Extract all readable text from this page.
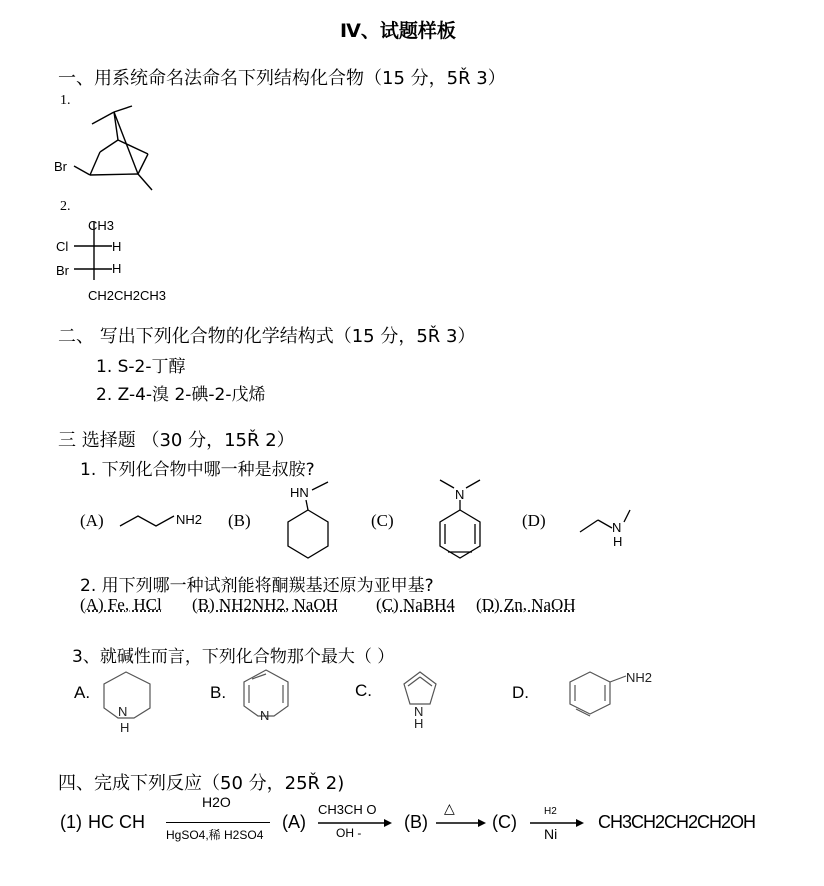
Ⅳ、试题样板
一、用系统命名法命名下列结构化合物（15 分，5Ř 3）
1.
Br
2.
CH3
Cl	H
Br	H
CH2CH2CH3
二、 写出下列化合物的化学结构式（15 分，5Ř 3）
1. S-2-丁醇
2. Z-4-溴 2-碘-2-戊烯
三 选择题 （30 分，15Ř 2）
1. 下列化合物中哪一种是叔胺?
(A)	NH2 (B)
HN
(C)
N
(D)	N
H
2. 用下列哪一种试剂能将酮羰基还原为亚甲基?
(A) Fe, HCl (B) NH2NH2, NaOH (C) NaBH4 (D) Zn, NaOH
3、就碱性而言，下列化合物那个最大（ ）
A.
N
H
B.
N
C.
N
H
D.
NH2
四、完成下列反应（50 分，25Ř 2)
(1) HC CH
H2O
HgSO4,稀 H2SO4
(A)
CH3CH O
OH -
(B)
△
(C)
H2
Ni
CH3CH2CH2CH2OH
